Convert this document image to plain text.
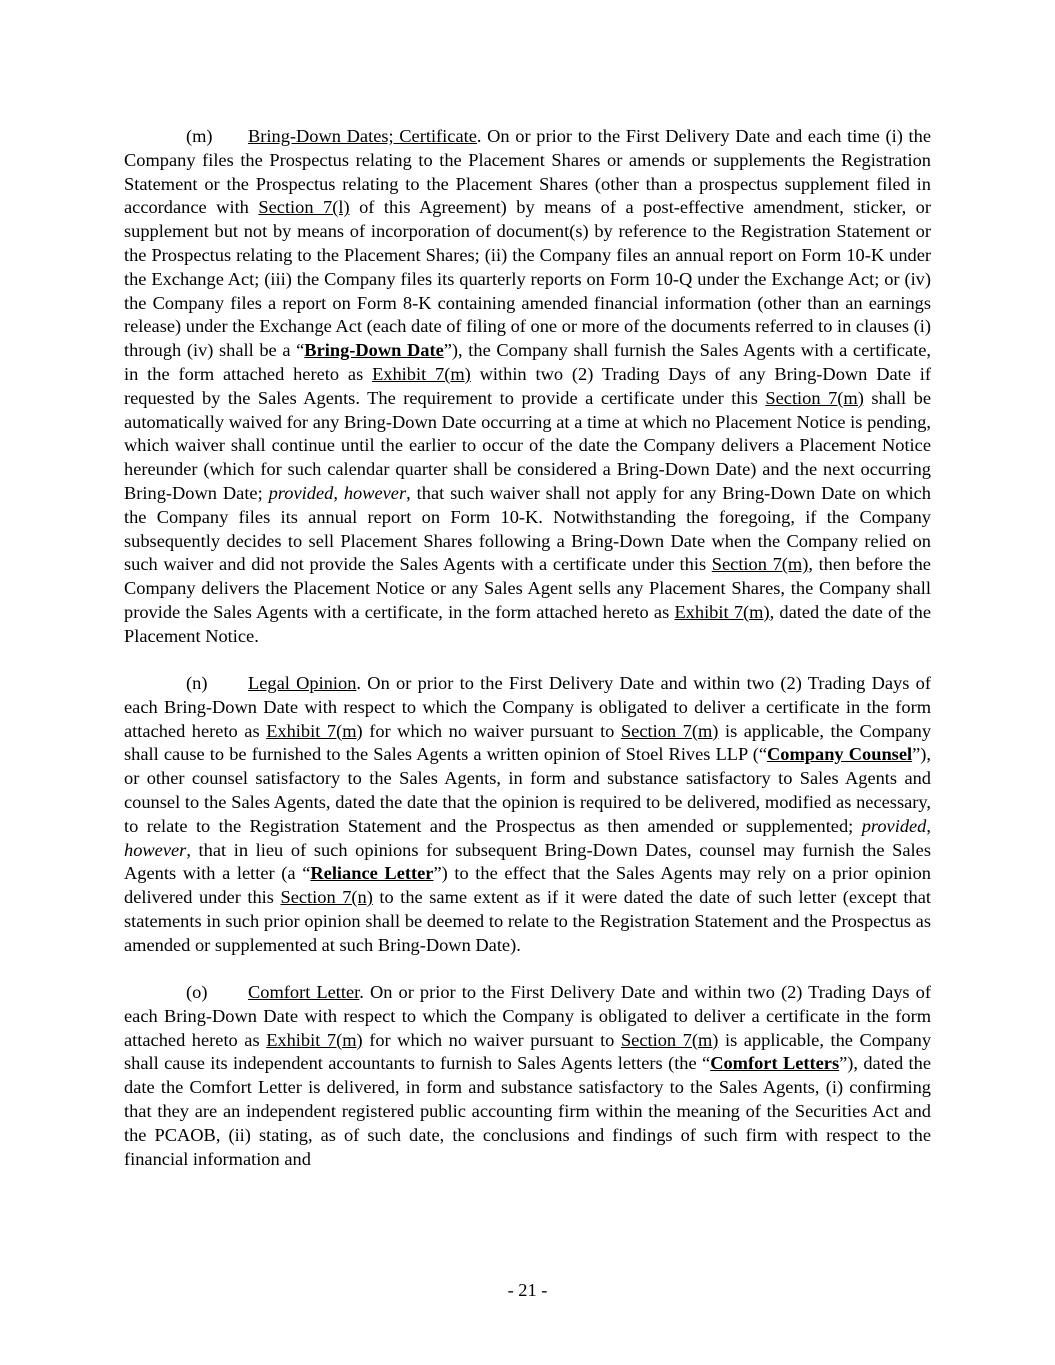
(m) Bring-Down Dates; Certificate. On or prior to the First Delivery Date and each time (i) the Company files the Prospectus relating to the Placement Shares or amends or supplements the Registration Statement or the Prospectus relating to the Placement Shares (other than a prospectus supplement filed in accordance with Section 7(l) of this Agreement) by means of a post-effective amendment, sticker, or supplement but not by means of incorporation of document(s) by reference to the Registration Statement or the Prospectus relating to the Placement Shares; (ii) the Company files an annual report on Form 10-K under the Exchange Act; (iii) the Company files its quarterly reports on Form 10-Q under the Exchange Act; or (iv) the Company files a report on Form 8-K containing amended financial information (other than an earnings release) under the Exchange Act (each date of filing of one or more of the documents referred to in clauses (i) through (iv) shall be a “Bring-Down Date”), the Company shall furnish the Sales Agents with a certificate, in the form attached hereto as Exhibit 7(m) within two (2) Trading Days of any Bring-Down Date if requested by the Sales Agents. The requirement to provide a certificate under this Section 7(m) shall be automatically waived for any Bring-Down Date occurring at a time at which no Placement Notice is pending, which waiver shall continue until the earlier to occur of the date the Company delivers a Placement Notice hereunder (which for such calendar quarter shall be considered a Bring-Down Date) and the next occurring Bring-Down Date; provided, however, that such waiver shall not apply for any Bring-Down Date on which the Company files its annual report on Form 10-K. Notwithstanding the foregoing, if the Company subsequently decides to sell Placement Shares following a Bring-Down Date when the Company relied on such waiver and did not provide the Sales Agents with a certificate under this Section 7(m), then before the Company delivers the Placement Notice or any Sales Agent sells any Placement Shares, the Company shall provide the Sales Agents with a certificate, in the form attached hereto as Exhibit 7(m), dated the date of the Placement Notice.

(n) Legal Opinion. On or prior to the First Delivery Date and within two (2) Trading Days of each Bring-Down Date with respect to which the Company is obligated to deliver a certificate in the form attached hereto as Exhibit 7(m) for which no waiver pursuant to Section 7(m) is applicable, the Company shall cause to be furnished to the Sales Agents a written opinion of Stoel Rives LLP (“Company Counsel”), or other counsel satisfactory to the Sales Agents, in form and substance satisfactory to Sales Agents and counsel to the Sales Agents, dated the date that the opinion is required to be delivered, modified as necessary, to relate to the Registration Statement and the Prospectus as then amended or supplemented; provided, however, that in lieu of such opinions for subsequent Bring-Down Dates, counsel may furnish the Sales Agents with a letter (a “Reliance Letter”) to the effect that the Sales Agents may rely on a prior opinion delivered under this Section 7(n) to the same extent as if it were dated the date of such letter (except that statements in such prior opinion shall be deemed to relate to the Registration Statement and the Prospectus as amended or supplemented at such Bring-Down Date).

(o) Comfort Letter. On or prior to the First Delivery Date and within two (2) Trading Days of each Bring-Down Date with respect to which the Company is obligated to deliver a certificate in the form attached hereto as Exhibit 7(m) for which no waiver pursuant to Section 7(m) is applicable, the Company shall cause its independent accountants to furnish to Sales Agents letters (the “Comfort Letters”), dated the date the Comfort Letter is delivered, in form and substance satisfactory to the Sales Agents, (i) confirming that they are an independent registered public accounting firm within the meaning of the Securities Act and the PCAOB, (ii) stating, as of such date, the conclusions and findings of such firm with respect to the financial information and

- 21 -
